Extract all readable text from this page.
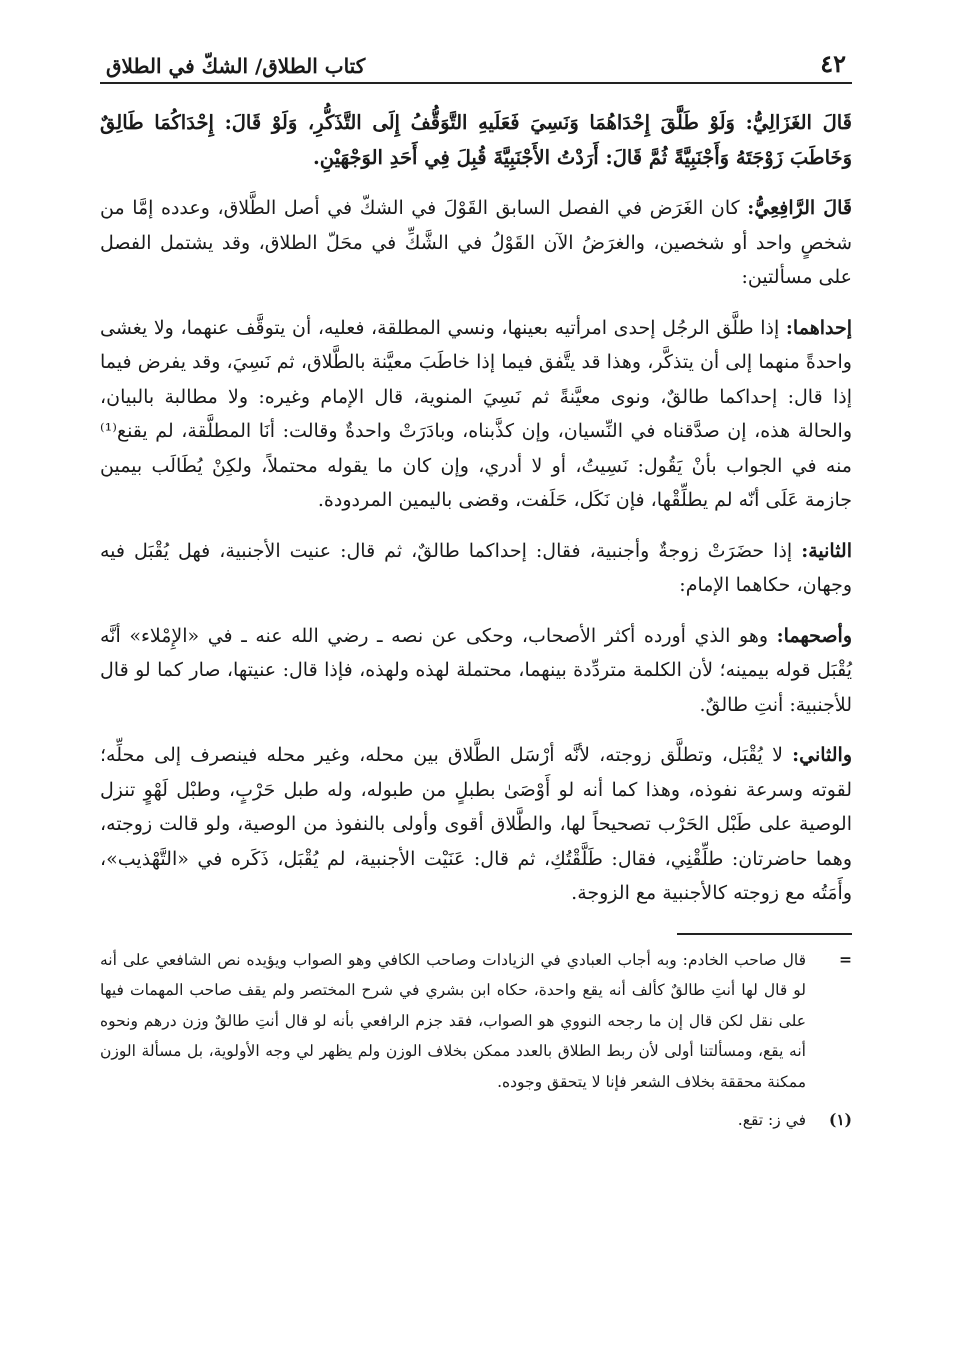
٤٢
كتاب الطلاق/ الشكّ في الطلاق

قَالَ الغَزَالِيُّ: وَلَوْ طَلَّقَ إِحْدَاهُمَا وَنَسِيَ فَعَلَيهِ التَّوَقُّفُ إِلَى التَّذَكُّرِ، وَلَوْ قَالَ: إِحْدَاكُمَا طَالِقٌ وَخَاطَبَ زَوْجَتَهُ وَأَجْنَبِيَّةً ثُمَّ قَالَ: أَرَدْتُ الأَجْنَبِيَّةَ قُبِلَ فِي أَحَدِ الوَجْهَيْنِ.

قَالَ الرَّافِعِيُّ: كان الغَرَض في الفصل السابق القَوْلَ في الشكّ في أصل الطَّلاق، وعدده إمَّا من شخصٍ واحد أو شخصين، والغرَضُ الآن القَوْلُ في الشَّكِّ في محَلّ الطلاق، وقد يشتمل الفصل على مسألتين:

إحداهما: إذا طلَّق الرجُل إحدى امرأتيه بعينها، ونسي المطلقة، فعليه، أن يتوقَّف عنهما، ولا يغشى واحدةً منهما إلى أن يتذكَّر، وهذا قد يتَّفق فيما إذا خاطَبَ معيَّنة بالطَّلاق، ثم نَسِيَ، وقد يفرض فيما إذا قال: إحداكما طالقٌ، ونوى معيَّنةً ثم نَسِيَ المنوية، قال الإمام وغيره: ولا مطالبة بالبيان، والحالة هذه، إن صدَّقناه في النِّسيان، وإن كذَّبناه، وبادَرَتْ واحدةٌ وقالت: أنَا المطلَّقة، لم يقنع⁽¹⁾ منه في الجواب بأنْ يَقُول: نَسِيتُ، أو لا أدري، وإن كان ما يقوله محتملاً، ولكِنْ يُطَالَب بيمين جازمة عَلَى أنّه لم يطلِّقْها، فإن نَكَل، حَلَفت، وقضى باليمين المردودة.

الثانية: إذا حضَرَتْ زوجةٌ وأجنبية، فقال: إحداكما طالقٌ، ثم قال: عنيت الأجنبية، فهل يُقْبَل فيه وجهان، حكاهما الإمام:

وأصحهما: وهو الذي أورده أكثر الأصحاب، وحكى عن نصه ـ رضي الله عنه ـ في «الإِمْلاء» أنَّه يُقْبَل قوله بيمينه؛ لأن الكلمة متردِّدة بينهما، محتملة لهذه ولهذه، فإذا قال: عنيتها، صار كما لو قال للأجنبية: أنتِ طالقٌ.

والثاني: لا يُقْبَل، وتطلَّق زوجته، لأنَّه أرْسَل الطَّلاق بين محله، وغير محله فينصرف إلى محلِّه؛ لقوته وسرعة نفوذه، وهذا كما أنه لو أَوْصَىٰ بطبلٍ من طبوله، وله طبل حَرْبٍ، وطبْل لَهْوٍ تنزل الوصية على طَبْل الحَرْب تصحيحاً لها، والطَّلاق أقوى وأولى بالنفوذ من الوصية، ولو قالت زوجته، وهما حاضرتان: طلِّقْنِي، فقال: طَلَّقْتُكِ، ثم قال: عَنَيْت الأجنبية، لم يُقْبَل، ذَكَره في «التَّهْذيب»، وأَمَتُه مع زوجته كالأجنبية مع الزوجة.

=
قال صاحب الخادم: وبه أجاب العبادي في الزيادات وصاحب الكافي وهو الصواب ويؤيده نص الشافعي على أنه لو قال لها أنتِ طالقٌ كألف أنه يقع واحدة، حكاه ابن بشري في شرح المختصر ولم يقف صاحب المهمات فيها على نقل لكن قال إن ما رجحه النووي هو الصواب، فقد جزم الرافعي بأنه لو قال أنتِ طالقٌ وزن درهم ونحوه أنه يقع، ومسألتنا أولى لأن ربط الطلاق بالعدد ممكن بخلاف الوزن ولم يظهر لي وجه الأولوية، بل مسألة الوزن ممكنة محققة بخلاف الشعر فإنا لا يتحقق وجوده.
(١)
في ز: تقع.
